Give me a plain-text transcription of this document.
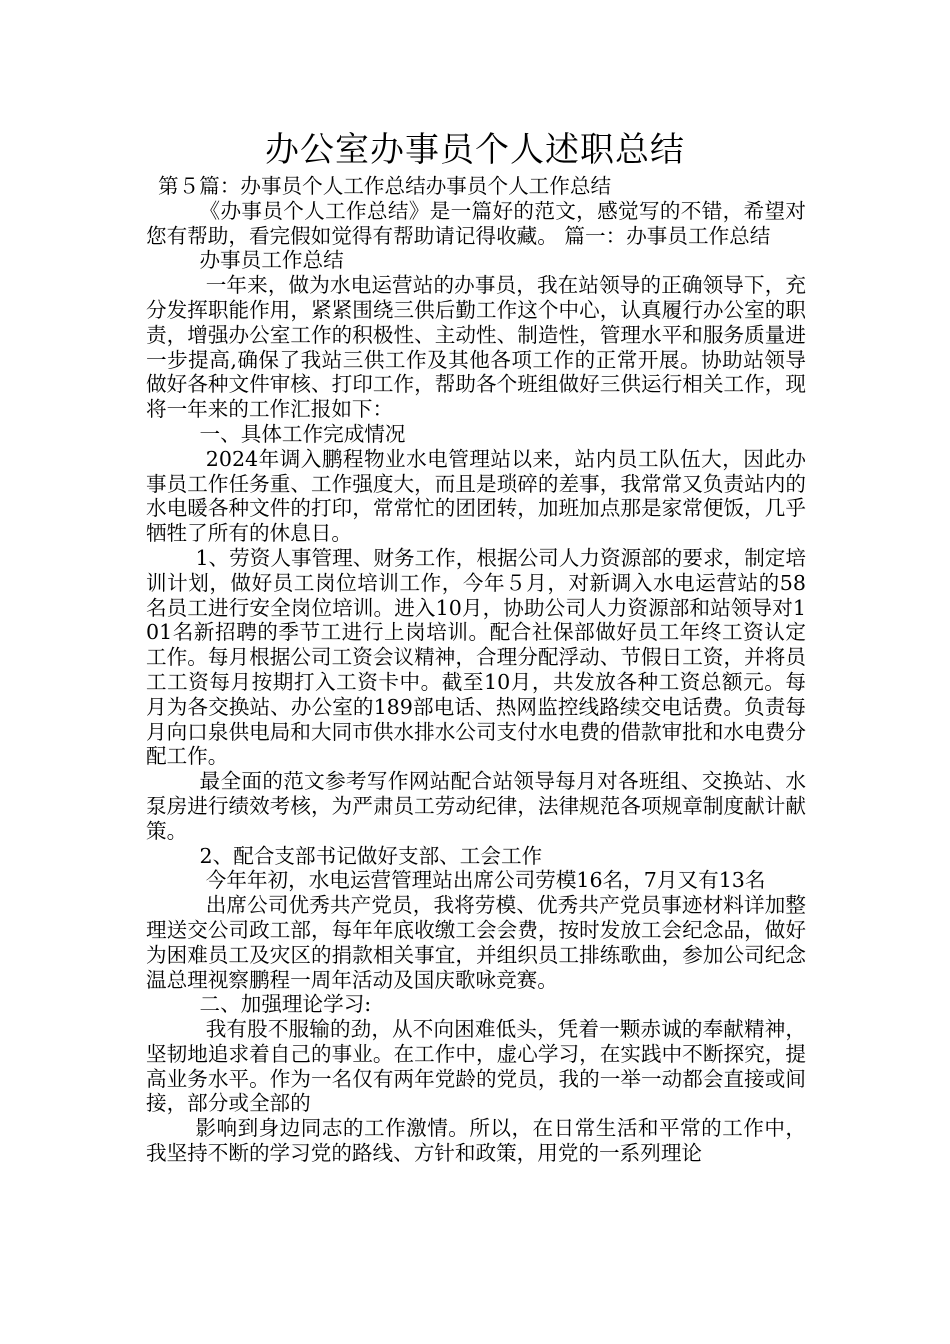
办公室办事员个人述职总结

第５篇：办事员个人工作总结办事员个人工作总结

《办事员个人工作总结》是一篇好的范文，感觉写的不错，希望对您有帮助，看完假如觉得有帮助请记得收藏。 篇一：办事员工作总结

办事员工作总结

一年来，做为水电运营站的办事员，我在站领导的正确领导下，充分发挥职能作用，紧紧围绕三供后勤工作这个中心，认真履行办公室的职责，增强办公室工作的积极性、主动性、制造性，管理水平和服务质量进一步提高,确保了我站三供工作及其他各项工作的正常开展。协助站领导做好各种文件审核、打印工作，帮助各个班组做好三供运行相关工作，现将一年来的工作汇报如下：

一、具体工作完成情况

2024年调入鹏程物业水电管理站以来，站内员工队伍大，因此办事员工作任务重、工作强度大，而且是琐碎的差事，我常常又负责站内的水电暖各种文件的打印，常常忙的团团转，加班加点那是家常便饭，几乎牺牲了所有的休息日。

1、劳资人事管理、财务工作，根据公司人力资源部的要求，制定培训计划，做好员工岗位培训工作，今年５月，对新调入水电运营站的58名员工进行安全岗位培训。进入10月，协助公司人力资源部和站领导对101名新招聘的季节工进行上岗培训。配合社保部做好员工年终工资认定工作。每月根据公司工资会议精神，合理分配浮动、节假日工资，并将员工工资每月按期打入工资卡中。截至10月，共发放各种工资总额元。每月为各交换站、办公室的189部电话、热网监控线路续交电话费。负责每月向口泉供电局和大同市供水排水公司支付水电费的借款审批和水电费分配工作。

最全面的范文参考写作网站配合站领导每月对各班组、交换站、水泵房进行绩效考核，为严肃员工劳动纪律，法律规范各项规章制度献计献策。

2、配合支部书记做好支部、工会工作

今年年初，水电运营管理站出席公司劳模16名，7月又有13名

出席公司优秀共产党员，我将劳模、优秀共产党员事迹材料详加整理送交公司政工部，每年年底收缴工会会费，按时发放工会纪念品，做好为困难员工及灾区的捐款相关事宜，并组织员工排练歌曲，参加公司纪念温总理视察鹏程一周年活动及国庆歌咏竞赛。

二、加强理论学习:

我有股不服输的劲，从不向困难低头，凭着一颗赤诚的奉献精神，坚韧地追求着自己的事业。在工作中，虚心学习，在实践中不断探究，提高业务水平。作为一名仅有两年党龄的党员，我的一举一动都会直接或间接，部分或全部的

影响到身边同志的工作激情。所以，在日常生活和平常的工作中，我坚持不断的学习党的路线、方针和政策，用党的一系列理论
